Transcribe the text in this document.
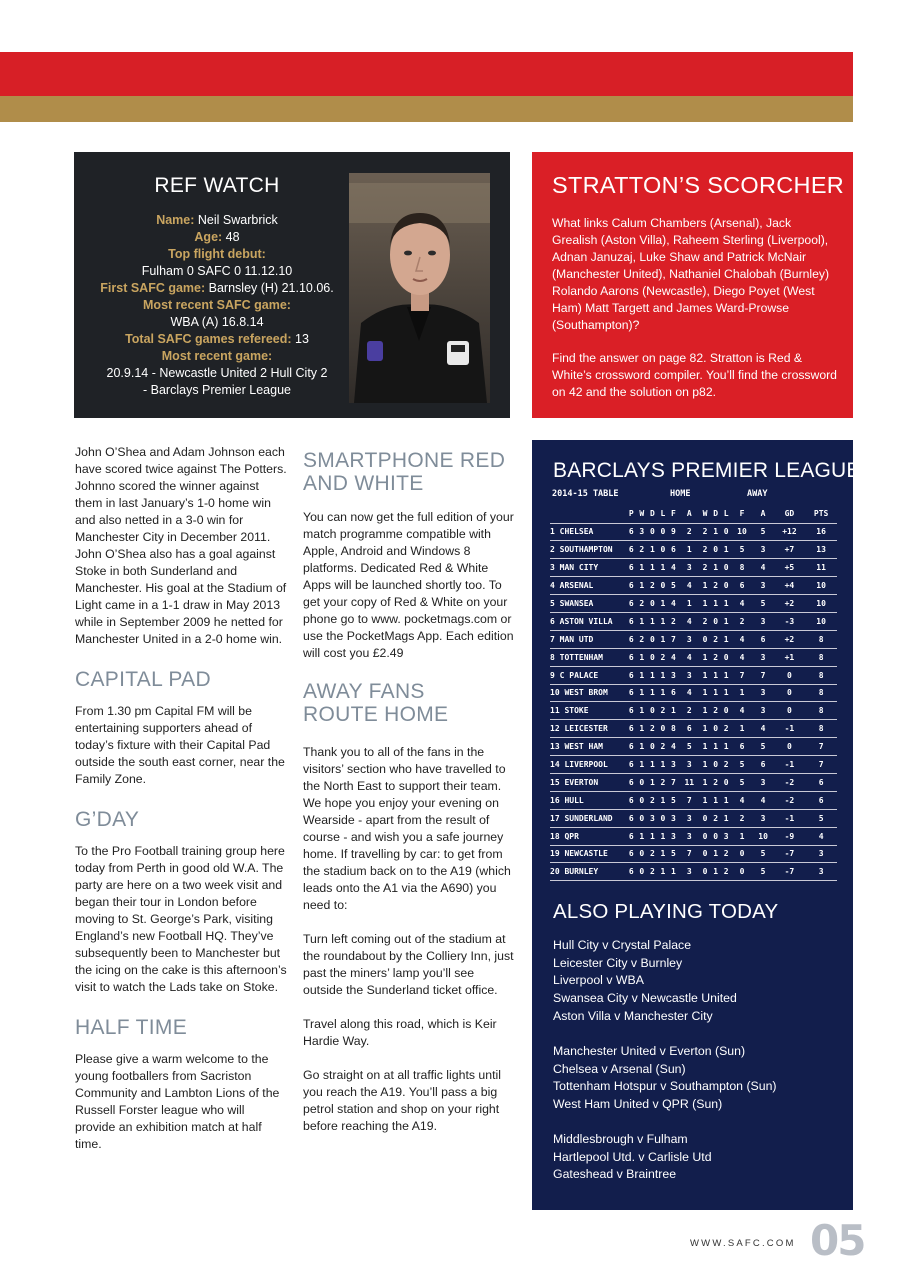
REF WATCH
Name: Neil Swarbrick
Age: 48
Top flight debut:
Fulham 0 SAFC 0 11.12.10
First SAFC game: Barnsley (H) 21.10.06.
Most recent SAFC game:
WBA (A) 16.8.14
Total SAFC games refereed: 13
Most recent game:
20.9.14 - Newcastle United 2 Hull City 2
- Barclays Premier League
STRATTON’S SCORCHER

What links Calum Chambers (Arsenal), Jack Grealish (Aston Villa), Raheem Sterling (Liverpool), Adnan Januzaj, Luke Shaw and Patrick McNair (Manchester United), Nathaniel Chalobah (Burnley) Rolando Aarons (Newcastle), Diego Poyet (West Ham) Matt Targett and James Ward-Prowse (Southampton)?

Find the answer on page 82. Stratton is Red & White’s crossword compiler. You’ll find the crossword on 42 and the solution on p82.

John O’Shea and Adam Johnson each have scored twice against The Potters. Johnno scored the winner against them in last January’s 1-0 home win and also netted in a 3-0 win for Manchester City in December 2011. John O’Shea also has a goal against Stoke in both Sunderland and Manchester. His goal at the Stadium of Light came in a 1-1 draw in May 2013 while in September 2009 he netted for Manchester United in a 2-0 home win.

CAPITAL PAD

From 1.30 pm Capital FM will be entertaining supporters ahead of today’s fixture with their Capital Pad outside the south east corner, near the Family Zone.

G’DAY

To the Pro Football training group here today from Perth in good old W.A. The party are here on a two week visit and began their tour in London before moving to St. George’s Park, visiting England’s new Football HQ. They’ve subsequently been to Manchester but the icing on the cake is this afternoon’s visit to watch the Lads take on Stoke.

HALF TIME

Please give a warm welcome to the young footballers from Sacriston Community and Lambton Lions of the Russell Forster league who will provide an exhibition match at half time.

SMARTPHONE RED AND WHITE

You can now get the full edition of your match programme compatible with Apple, Android and Windows 8 platforms. Dedicated Red & White Apps will be launched shortly too. To get your copy of Red & White on your phone go to www. pocketmags.com or use the PocketMags App. Each edition will cost you £2.49

AWAY FANS ROUTE HOME

Thank you to all of the fans in the visitors’ section who have travelled to the North East to support their team. We hope you enjoy your evening on Wearside - apart from the result of course - and wish you a safe journey home. If travelling by car: to get from the stadium back on to the A19 (which leads onto the A1 via the A690) you need to:

Turn left coming out of the stadium at the roundabout by the Colliery Inn, just past the miners’ lamp you’ll see outside the Sunderland ticket office.

Travel along this road, which is Keir Hardie Way.

Go straight on at all traffic lights until you reach the A19. You’ll pass a big petrol station and shop on your right before reaching the A19.

BARCLAYS PREMIER LEAGUE
2014-15 TABLE	HOME	AWAY
	P	W	D	L	F	A	W	D	L	F	A	GD	PTS
1 CHELSEA	6	3	0	0	9	2	2	1	0	10	5	+12	16
2 SOUTHAMPTON	6	2	1	0	6	1	2	0	1	5	3	+7	13
3 MAN CITY	6	1	1	1	4	3	2	1	0	8	4	+5	11
4 ARSENAL	6	1	2	0	5	4	1	2	0	6	3	+4	10
5 SWANSEA	6	2	0	1	4	1	1	1	1	4	5	+2	10
6 ASTON VILLA	6	1	1	1	2	4	2	0	1	2	3	-3	10
7 MAN UTD	6	2	0	1	7	3	0	2	1	4	6	+2	8
8 TOTTENHAM	6	1	0	2	4	4	1	2	0	4	3	+1	8
9 C PALACE	6	1	1	1	3	3	1	1	1	7	7	0	8
10 WEST BROM	6	1	1	1	6	4	1	1	1	1	3	0	8
11 STOKE	6	1	0	2	1	2	1	2	0	4	3	0	8
12 LEICESTER	6	1	2	0	8	6	1	0	2	1	4	-1	8
13 WEST HAM	6	1	0	2	4	5	1	1	1	6	5	0	7
14 LIVERPOOL	6	1	1	1	3	3	1	0	2	5	6	-1	7
15 EVERTON	6	0	1	2	7	11	1	2	0	5	3	-2	6
16 HULL	6	0	2	1	5	7	1	1	1	4	4	-2	6
17 SUNDERLAND	6	0	3	0	3	3	0	2	1	2	3	-1	5
18 QPR	6	1	1	1	3	3	0	0	3	1	10	-9	4
19 NEWCASTLE	6	0	2	1	5	7	0	1	2	0	5	-7	3
20 BURNLEY	6	0	2	1	1	3	0	1	2	0	5	-7	3
ALSO PLAYING TODAY
Hull City v Crystal Palace
Leicester City v Burnley
Liverpool v WBA
Swansea City v Newcastle United
Aston Villa v Manchester City
Manchester United v Everton (Sun)
Chelsea v Arsenal (Sun)
Tottenham Hotspur v Southampton (Sun)
West Ham United v QPR (Sun)
Middlesbrough v Fulham
Hartlepool Utd. v Carlisle Utd
Gateshead v Braintree
WWW.SAFC.COM 05
